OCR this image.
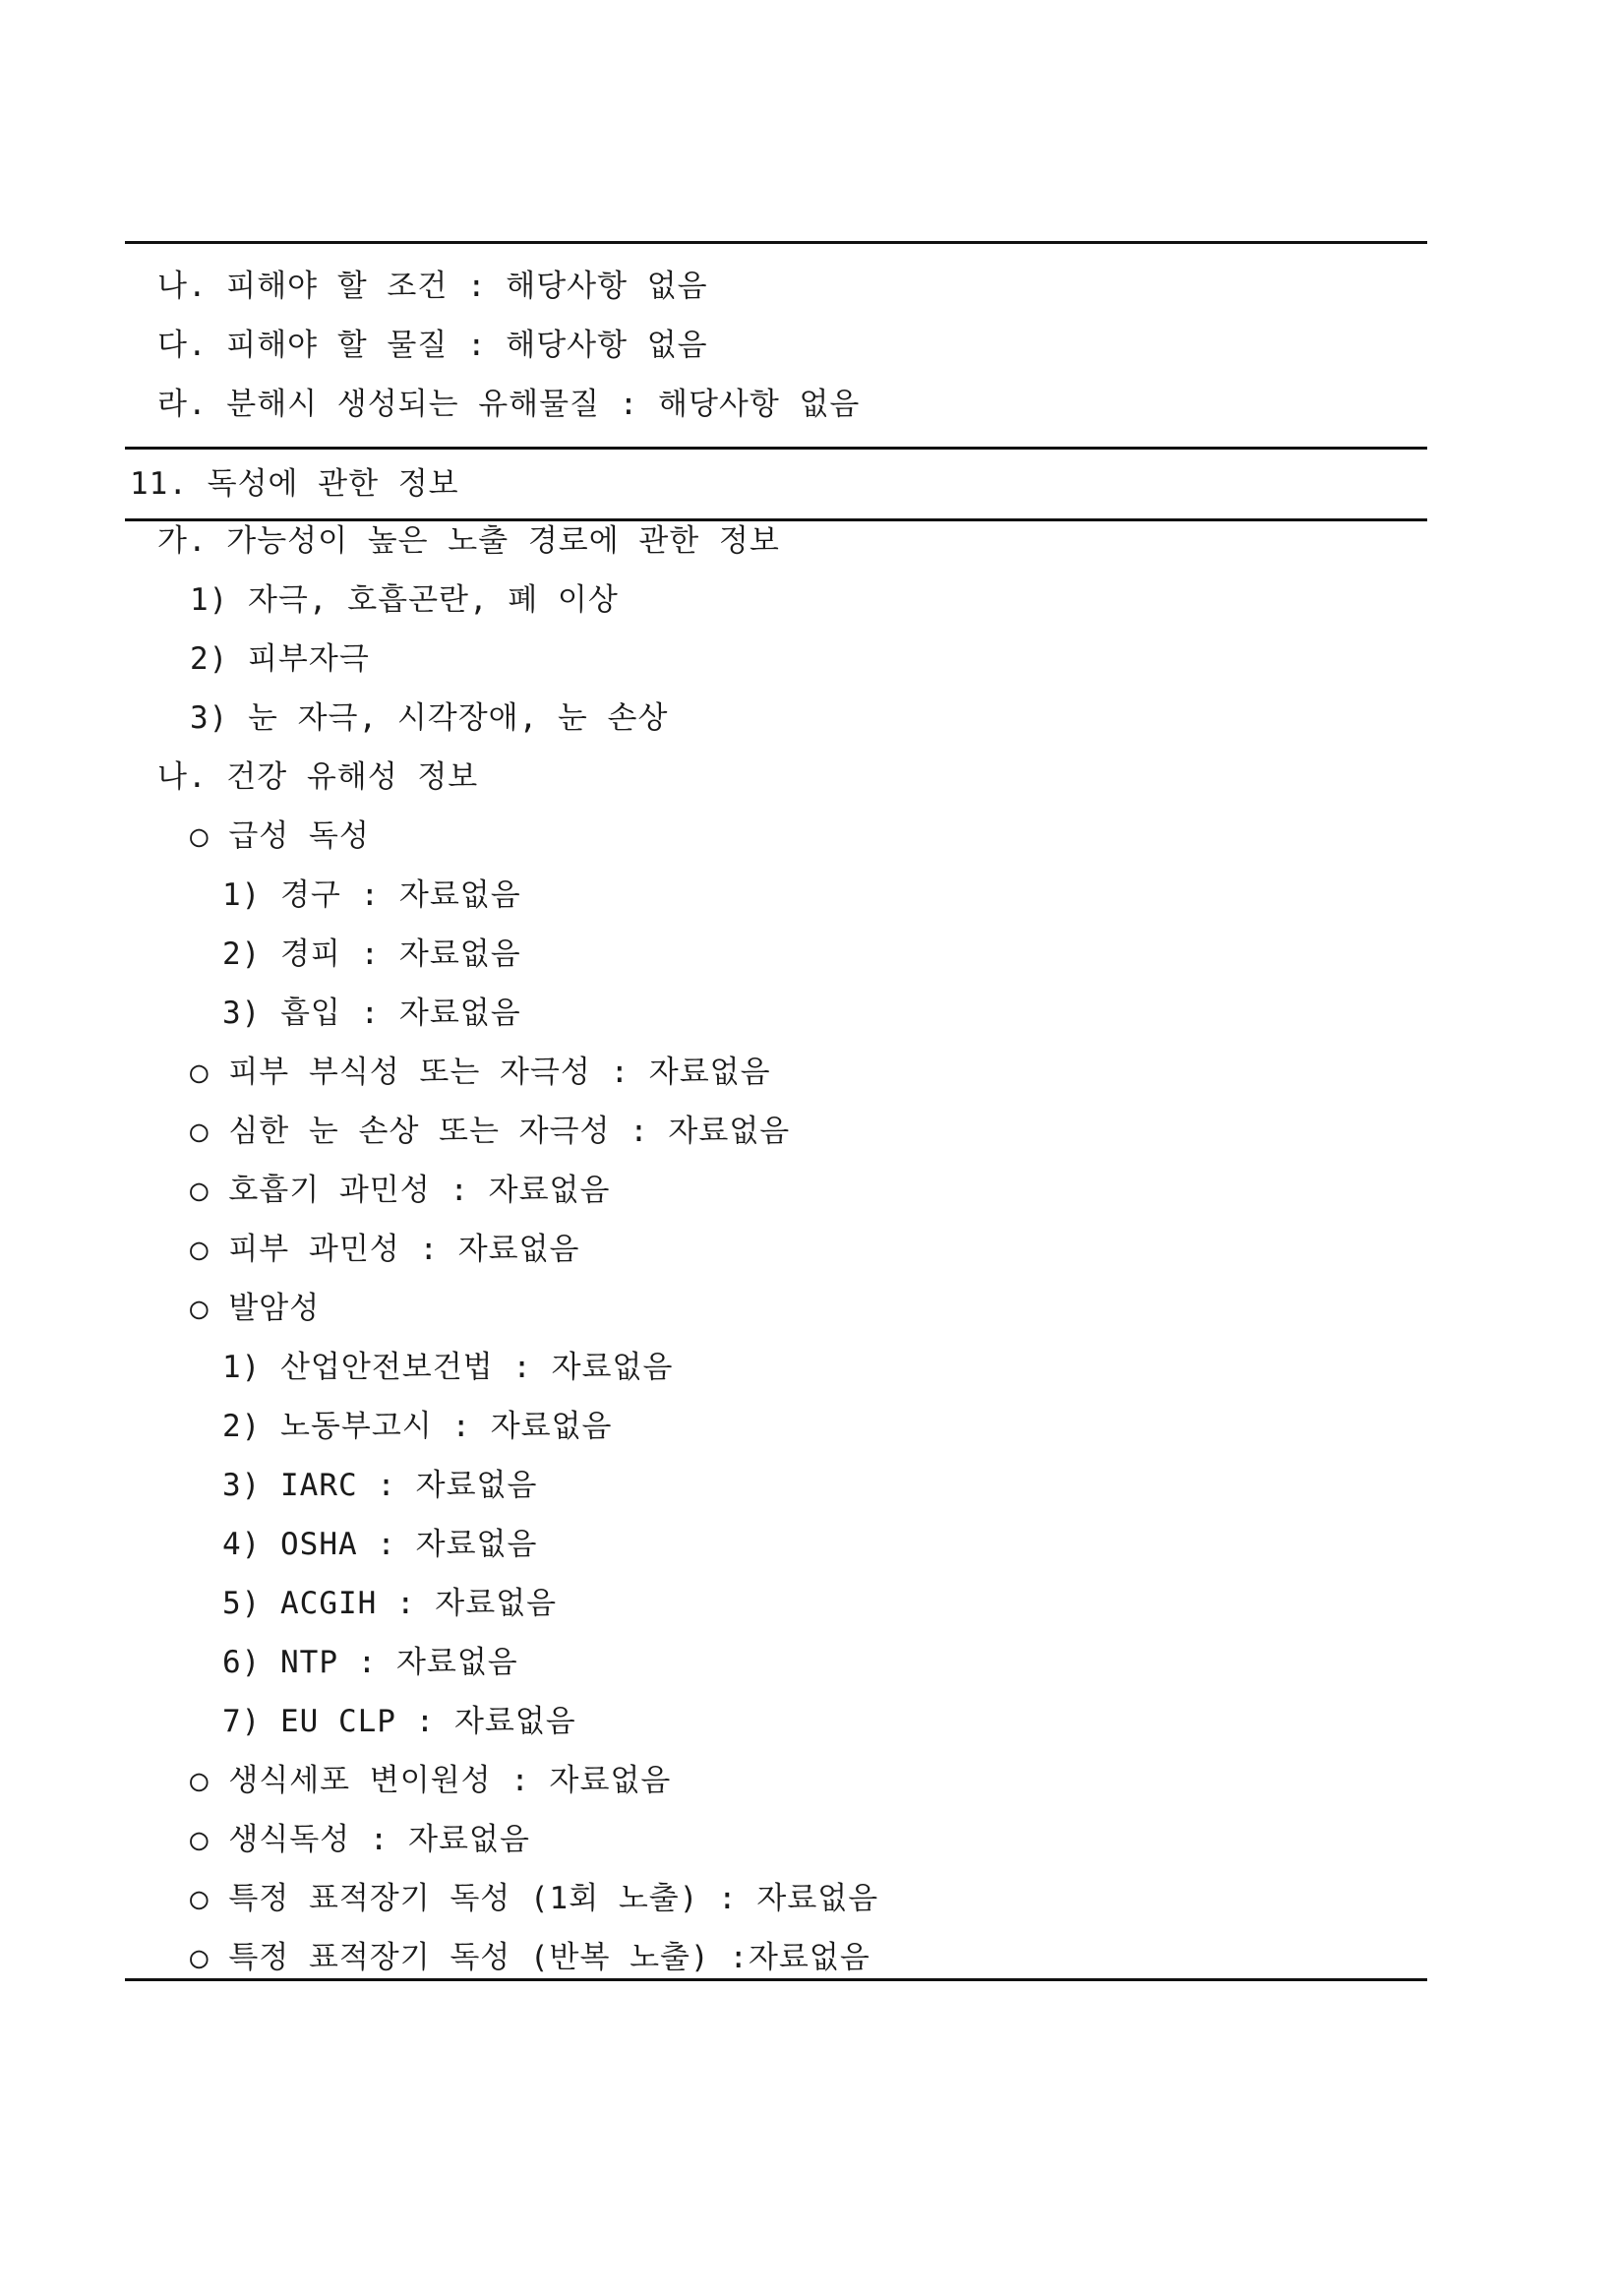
나. 피해야 할 조건 : 해당사항 없음
다. 피해야 할 물질 : 해당사항 없음
라. 분해시 생성되는 유해물질 : 해당사항 없음
11. 독성에 관한 정보
가. 가능성이 높은 노출 경로에 관한 정보
1) 자극, 호흡곤란, 폐 이상
2) 피부자극
3) 눈 자극, 시각장애, 눈 손상
나. 건강 유해성 정보
○ 급성 독성
1) 경구 : 자료없음
2) 경피 : 자료없음
3) 흡입 : 자료없음
○ 피부 부식성 또는 자극성 : 자료없음
○ 심한 눈 손상 또는 자극성 : 자료없음
○ 호흡기 과민성 : 자료없음
○ 피부 과민성 : 자료없음
○ 발암성
1) 산업안전보건법 : 자료없음
2) 노동부고시 : 자료없음
3) IARC : 자료없음
4) OSHA : 자료없음
5) ACGIH : 자료없음
6) NTP : 자료없음
7) EU CLP : 자료없음
○ 생식세포 변이원성 : 자료없음
○ 생식독성 : 자료없음
○ 특정 표적장기 독성 (1회 노출) : 자료없음
○ 특정 표적장기 독성 (반복 노출) :자료없음
